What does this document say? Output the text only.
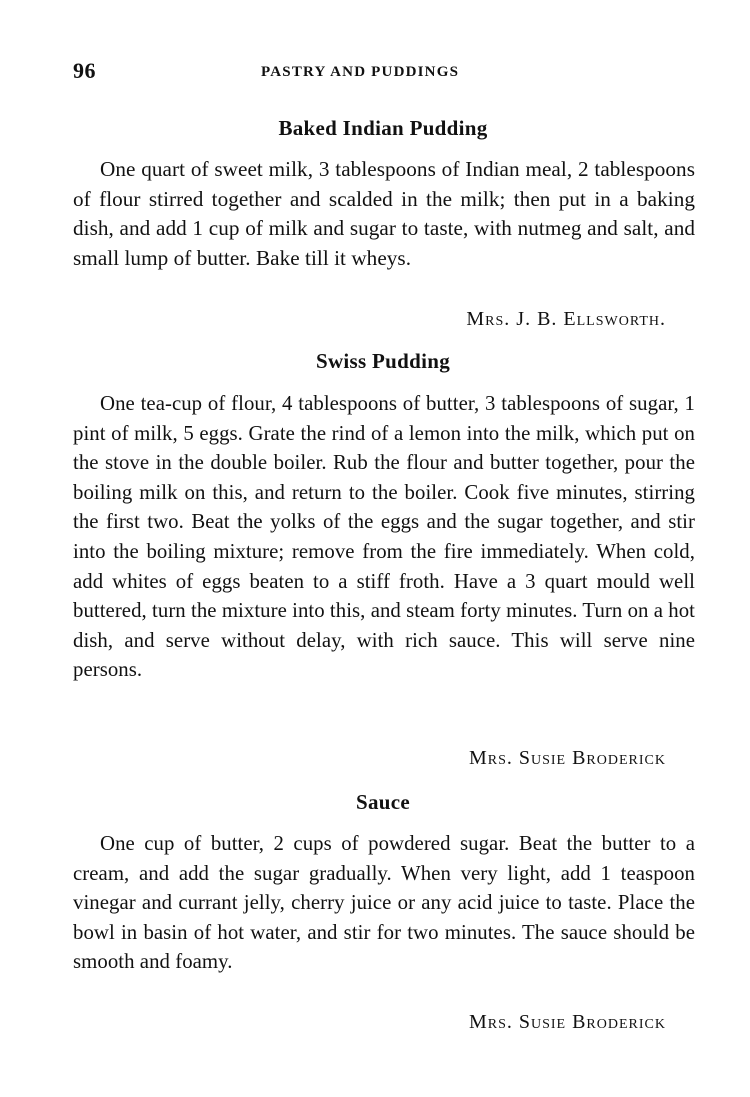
96	PASTRY AND PUDDINGS
Baked Indian Pudding

One quart of sweet milk, 3 tablespoons of Indian meal, 2 tablespoons of flour stirred together and scalded in the milk; then put in a baking dish, and add 1 cup of milk and sugar to taste, with nutmeg and salt, and small lump of butter. Bake till it wheys.

Mrs. J. B. Ellsworth.
Swiss Pudding

One tea-cup of flour, 4 tablespoons of butter, 3 tablespoons of sugar, 1 pint of milk, 5 eggs. Grate the rind of a lemon into the milk, which put on the stove in the double boiler. Rub the flour and butter together, pour the boiling milk on this, and return to the boiler. Cook five minutes, stirring the first two. Beat the yolks of the eggs and the sugar together, and stir into the boiling mixture; remove from the fire immediately. When cold, add whites of eggs beaten to a stiff froth. Have a 3 quart mould well buttered, turn the mixture into this, and steam forty minutes. Turn on a hot dish, and serve without delay, with rich sauce. This will serve nine persons.

Mrs. Susie Broderick
Sauce

One cup of butter, 2 cups of powdered sugar. Beat the butter to a cream, and add the sugar gradually. When very light, add 1 teaspoon vinegar and currant jelly, cherry juice or any acid juice to taste. Place the bowl in basin of hot water, and stir for two minutes. The sauce should be smooth and foamy.

Mrs. Susie Broderick
